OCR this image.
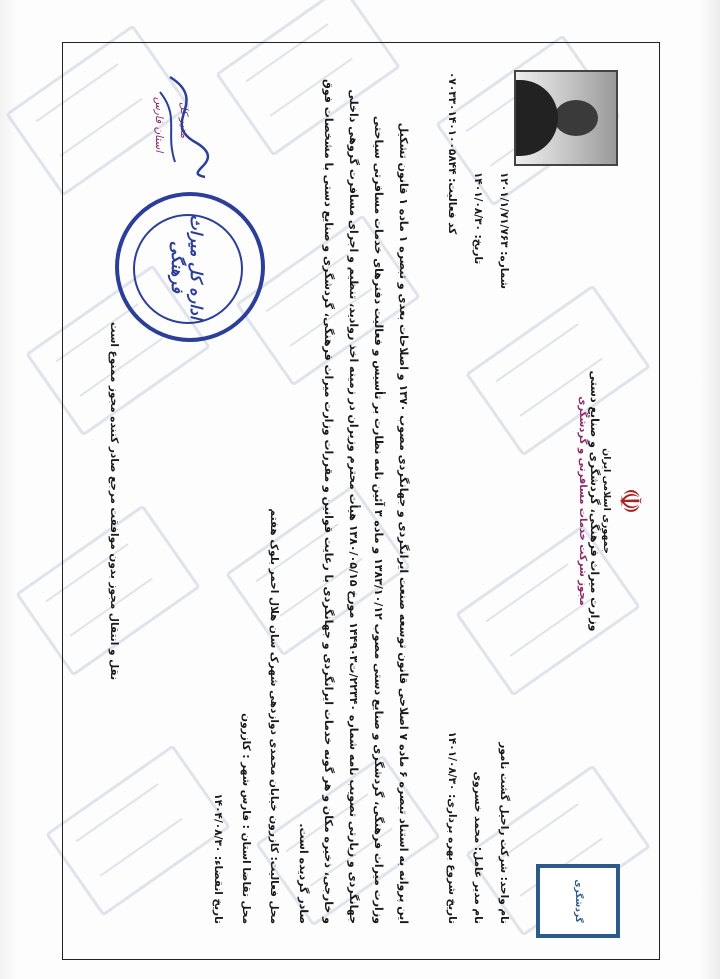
☫
جمهوری اسلامی ایران
وزارت میراث فرهنگی، گردشگری و صنایع دستی
مجوز شرکت خدمات مسافرتی و گردشگری
گردشگری
شماره: ۱۲۰۱/۱/۷۱/۷۶۳
تاریخ: ۱۴۰۱/۰۸/۳۰
کد فعالیت: ۰۷۰۳۳۰۱۴۰۱۰۰۵۸۴۴
نام واحد: شرکت راحیل گشت نامور
نام مدیر عامل: محمد خسروی
تاریخ شروع بهره برداری: ۱۴۰۱/۰۸/۳۰
این پروانه به استناد تبصره ۶ ماده ۷ اصلاحی قانون توسعه صنعت ایرانگردی و جهانگردی مصوب ۱۳۷۰ و اصلاحات بعدی و تبصره ۱ ماده ۱ قانون تشکیل
وزارت میراث فرهنگی، گردشگری و صنایع دستی مصوب ۱۳۸۳/۱۰/۱۲ و ماده ۳ آئین نامه نظارت بر تأسیس و فعالیت دفترهای خدمات مسافرتی سیاحتی
جهانگردی و زیارتی تصویب نامه شماره ۲۲۳۴۰/ت۱۴۴۹۰۳ مورخ ۱۳۸۰/۰۵/۱۵ هیأت محترم وزیران در زمینه اخذ روادید، تنظیم و اجرای مسافرت گروهی داخلی
و خارجی، ذخیره مکان و هر گونه خدمات ایرانگردی و جهانگردی با رعایت قوانین و مقررات وزارت میراث فرهنگی، گردشگری و صنایع دستی با مشخصات فوق
صادر گردیده است.
محل فعالیت: کازرون خیابان محمدی دوازدهی شهرک سان هلال احمر بلوک هفتم
محل تقاضا استان : فارس شهر : کازرون
تاریخ انقضاء: ۱۴۰۴/۰۸/۳۰
نقل و انتقال مجوز بدون موافقت مرجع صادر کننده مجوز ممنوع است
اداره کل میراث فرهنگی
مدیر کل
استان فارس
